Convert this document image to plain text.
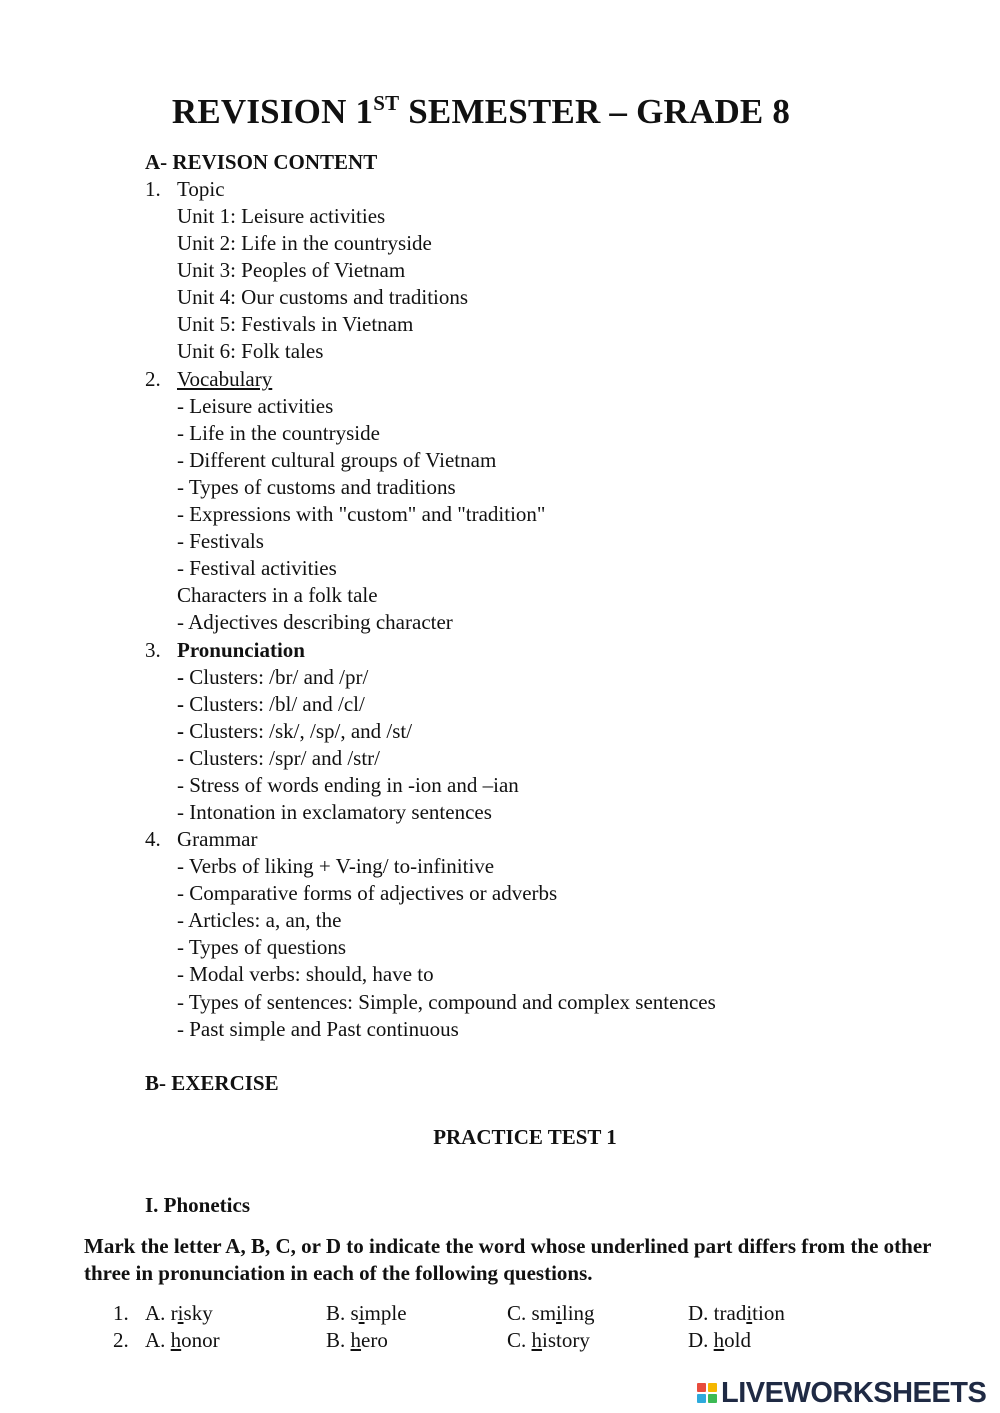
REVISION 1ST SEMESTER – GRADE 8
A- REVISON CONTENT
1. Topic
Unit 1: Leisure activities
Unit 2: Life in the countryside
Unit 3: Peoples of Vietnam
Unit 4: Our customs and traditions
Unit 5: Festivals in Vietnam
Unit 6: Folk tales
2. Vocabulary
- Leisure activities
- Life in the countryside
- Different cultural groups of Vietnam
- Types of customs and traditions
- Expressions with "custom" and "tradition"
- Festivals
- Festival activities
Characters in a folk tale
- Adjectives describing character
3. Pronunciation
- Clusters: /br/ and /pr/
- Clusters: /bl/ and /cl/
- Clusters: /sk/, /sp/, and /st/
- Clusters: /spr/ and /str/
- Stress of words ending in -ion and –ian
- Intonation in exclamatory sentences
4. Grammar
- Verbs of liking + V-ing/ to-infinitive
- Comparative forms of adjectives or adverbs
- Articles: a, an, the
- Types of questions
- Modal verbs: should, have to
- Types of sentences: Simple, compound and complex sentences
- Past simple and Past continuous
B- EXERCISE
PRACTICE TEST 1
I. Phonetics
Mark the letter A, B, C, or D to indicate the word whose underlined part differs from the other three in pronunciation in each of the following questions.
1. A. risky	B. simple	C. smiling	D. tradition
2. A. honor	B. hero	C. history	D. hold
LIVEWORKSHEETS
